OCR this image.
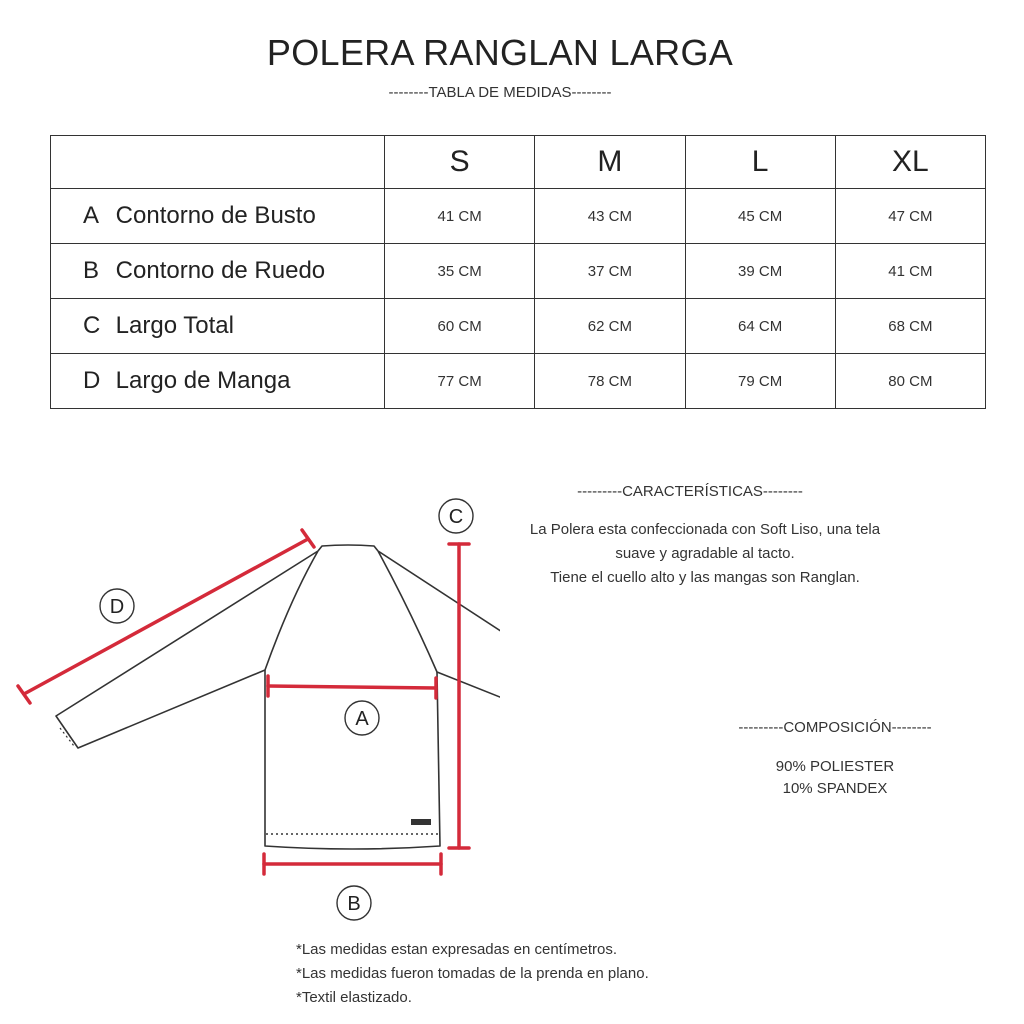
POLERA RANGLAN LARGA
--------TABLA DE MEDIDAS--------
	S	M	L	XL
A Contorno de Busto	41 CM	43 CM	45 CM	47 CM
B Contorno de Ruedo	35 CM	37 CM	39 CM	41 CM
C Largo Total	60 CM	62 CM	64 CM	68 CM
D Largo de Manga	77 CM	78 CM	79 CM	80 CM
D
A
C
B
---------CARACTERÍSTICAS--------
La Polera esta confeccionada con Soft Liso, una tela
suave y agradable al tacto.
Tiene el cuello alto y las mangas son Ranglan.
---------COMPOSICIÓN--------
90% POLIESTER
10% SPANDEX
*Las medidas estan expresadas en centímetros.
*Las medidas fueron tomadas de la prenda en plano.
*Textil elastizado.
